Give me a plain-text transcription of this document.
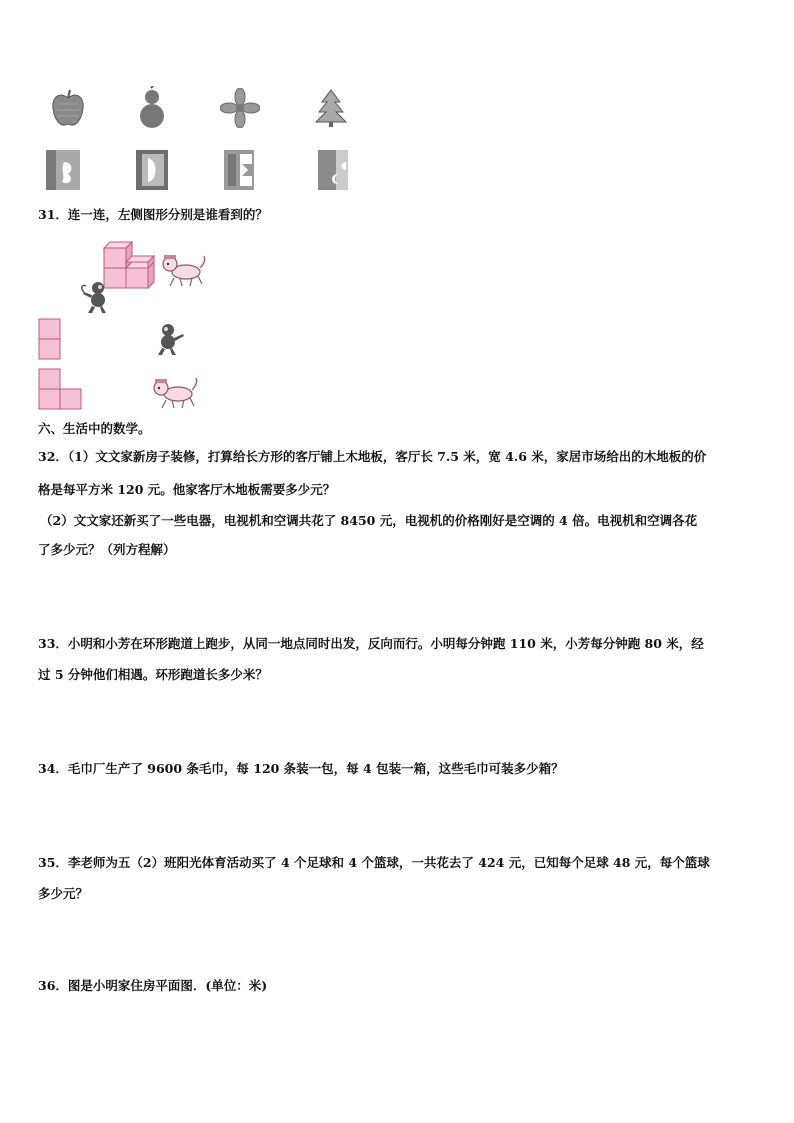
31．连一连，左侧图形分别是谁看到的？
六、生活中的数学。
32．（1）文文家新房子装修，打算给长方形的客厅铺上木地板，客厅长 7.5 米，宽 4.6 米，家居市场给出的木地板的价
格是每平方米 120 元。他家客厅木地板需要多少元？
（2）文文家还新买了一些电器，电视机和空调共花了 8450 元，电视机的价格刚好是空调的 4 倍。电视机和空调各花
了多少元？（列方程解）
33．小明和小芳在环形跑道上跑步，从同一地点同时出发，反向而行。小明每分钟跑 110 米，小芳每分钟跑 80 米，经
过 5 分钟他们相遇。环形跑道长多少米？
34．毛巾厂生产了 9600 条毛巾，每 120 条装一包，每 4 包装一箱，这些毛巾可装多少箱？
35．李老师为五（2）班阳光体育活动买了 4 个足球和 4 个篮球，一共花去了 424 元，已知每个足球 48 元，每个篮球
多少元？
36．图是小明家住房平面图．(单位：米)
